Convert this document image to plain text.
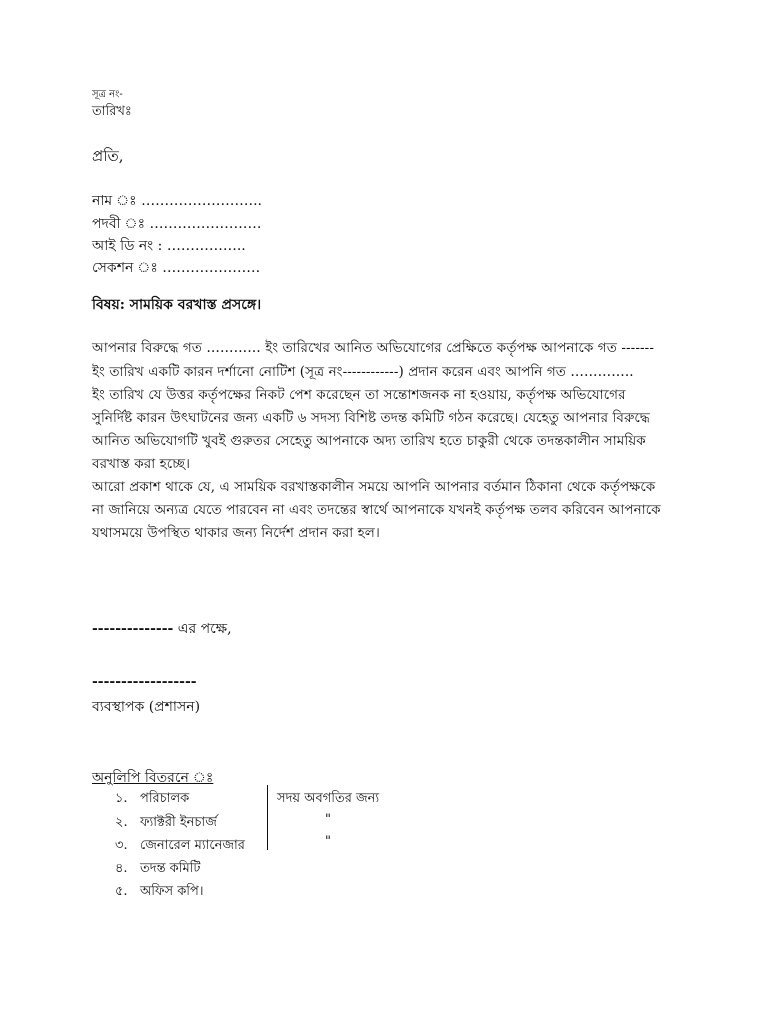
সূত্র নং-
তারিখঃ
প্রতি,
নাম ঃ ……………………..
পদবী ঃ ……………………
আই ডি নং : ……………..
সেকশন ঃ …………………
বিষয়: সাময়িক বরখাস্ত প্রসঙ্গে।
আপনার বিরুদ্ধে গত ………… ইং তারিখের আনিত অভিযোগের প্রেক্ষিতে কর্তৃপক্ষ আপনাকে গত -------
ইং তারিখ একটি কারন দর্শানো নোটিশ (সূত্র নং------------) প্রদান করেন এবং আপনি গত …………..
ইং তারিখ যে উত্তর কর্তৃপক্ষের নিকট পেশ করেছেন তা সন্তোশজনক না হওয়ায়, কর্তৃপক্ষ অভিযোগের
সুনির্দিষ্ট কারন উৎঘাটনের জন্য একটি ৬ সদস্য বিশিষ্ট তদন্ত কমিটি গঠন করেছে। যেহেতু আপনার বিরুদ্ধে
আনিত অভিযোগটি খুবই গুরুতর সেহেতু আপনাকে অদ্য তারিখ হতে চাকুরী থেকে তদন্তকালীন সাময়িক
বরখাস্ত করা হচ্ছে।
আরো প্রকাশ থাকে যে, এ সাময়িক বরখাস্তকালীন সময়ে আপনি আপনার বর্তমান ঠিকানা থেকে কর্তৃপক্ষকে
না জানিয়ে অন্যত্র যেতে পারবেন না এবং তদন্তের স্বার্থে আপনাকে যখনই কর্তৃপক্ষ তলব করিবেন আপনাকে
যথাসময়ে উপস্থিত থাকার জন্য নির্দেশ প্রদান করা হল।
-------------- এর পক্ষে,
------------------
ব্যবস্থাপক (প্রশাসন)
অনুলিপি বিতরনে ঃ
১. পরিচালক	সদয় অবগতির জন্য
২. ফ্যাক্টরী ইনচার্জ	"
৩. জেনারেল ম্যানেজার	"
৪. তদন্ত কমিটি
৫. অফিস কপি।
